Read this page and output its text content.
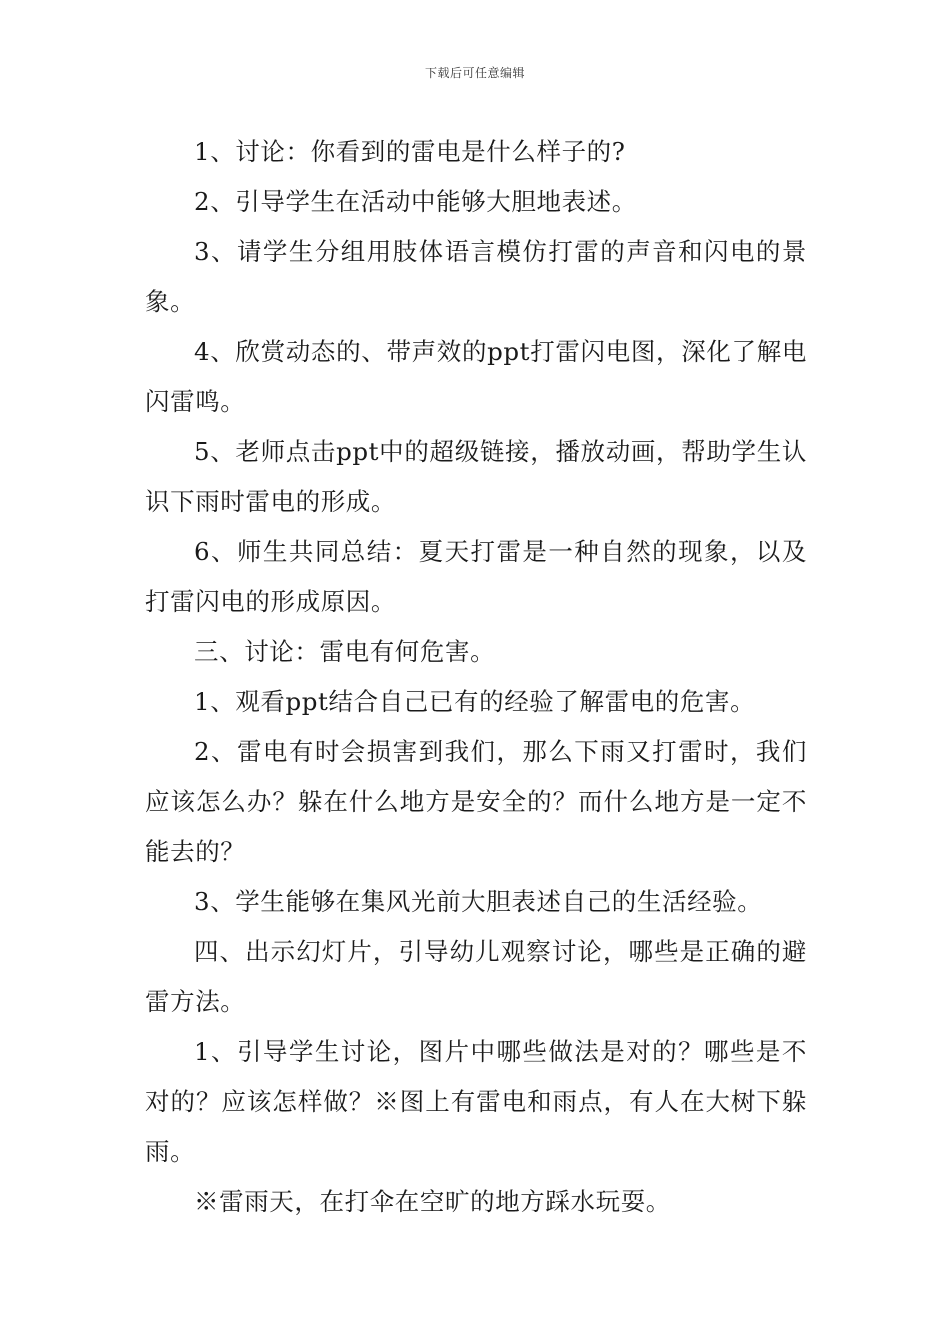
下载后可任意编辑

1、讨论：你看到的雷电是什么样子的?

2、引导学生在活动中能够大胆地表述。

3、请学生分组用肢体语言模仿打雷的声音和闪电的景象。

4、欣赏动态的、带声效的ppt打雷闪电图，深化了解电闪雷鸣。

5、老师点击ppt中的超级链接，播放动画，帮助学生认识下雨时雷电的形成。

6、师生共同总结：夏天打雷是一种自然的现象，以及打雷闪电的形成原因。

三、讨论：雷电有何危害。

1、观看ppt结合自己已有的经验了解雷电的危害。

2、雷电有时会损害到我们，那么下雨又打雷时，我们应该怎么办？躲在什么地方是安全的？而什么地方是一定不能去的？

3、学生能够在集风光前大胆表述自己的生活经验。

四、出示幻灯片，引导幼儿观察讨论，哪些是正确的避雷方法。

1、引导学生讨论，图片中哪些做法是对的？哪些是不对的？应该怎样做？※图上有雷电和雨点，有人在大树下躲雨。

※雷雨天，在打伞在空旷的地方踩水玩耍。
